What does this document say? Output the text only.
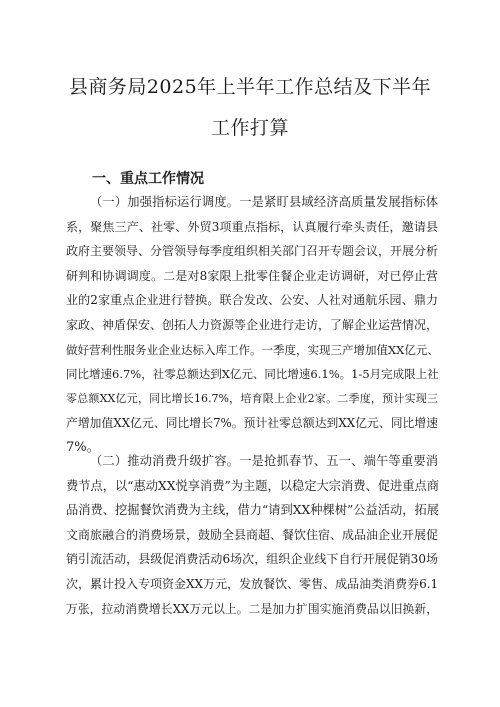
县商务局2025年上半年工作总结及下半年
工作打算
一、重点工作情况
（一）加强指标运行调度。一是紧盯县域经济高质量发展指标体
系，聚焦三产、社零、外贸3项重点指标，认真履行牵头责任，邀请县
政府主要领导、分管领导每季度组织相关部门召开专题会议，开展分析
研判和协调调度。二是对8家限上批零住餐企业走访调研，对已停止营
业的2家重点企业进行替换。联合发改、公安、人社对通航乐园、鼎力
家政、神盾保安、创拓人力资源等企业进行走访，了解企业运营情况，
做好营利性服务业企业达标入库工作。一季度，实现三产增加值XX亿元、
同比增速6.7%，社零总额达到X亿元、同比增速6.1%。1-5月完成限上社
零总额XX亿元，同比增长16.7%，培育限上企业2家。二季度，预计实现三
产增加值XX亿元、同比增长7%。预计社零总额达到XX亿元、同比增速
7%。
（二）推动消费升级扩容。一是抢抓春节、五一、端午等重要消
费节点，以“惠动XX悦享消费”为主题，以稳定大宗消费、促进重点商
品消费、挖掘餐饮消费为主线，借力“请到XX种棵树”公益活动，拓展
文商旅融合的消费场景，鼓励全县商超、餐饮住宿、成品油企业开展促
销引流活动，县级促消费活动6场次，组织企业线下自行开展促销30场
次，累计投入专项资金XX万元，发放餐饮、零售、成品油类消费券6.1
万张，拉动消费增长XX万元以上。二是加力扩围实施消费品以旧换新，
